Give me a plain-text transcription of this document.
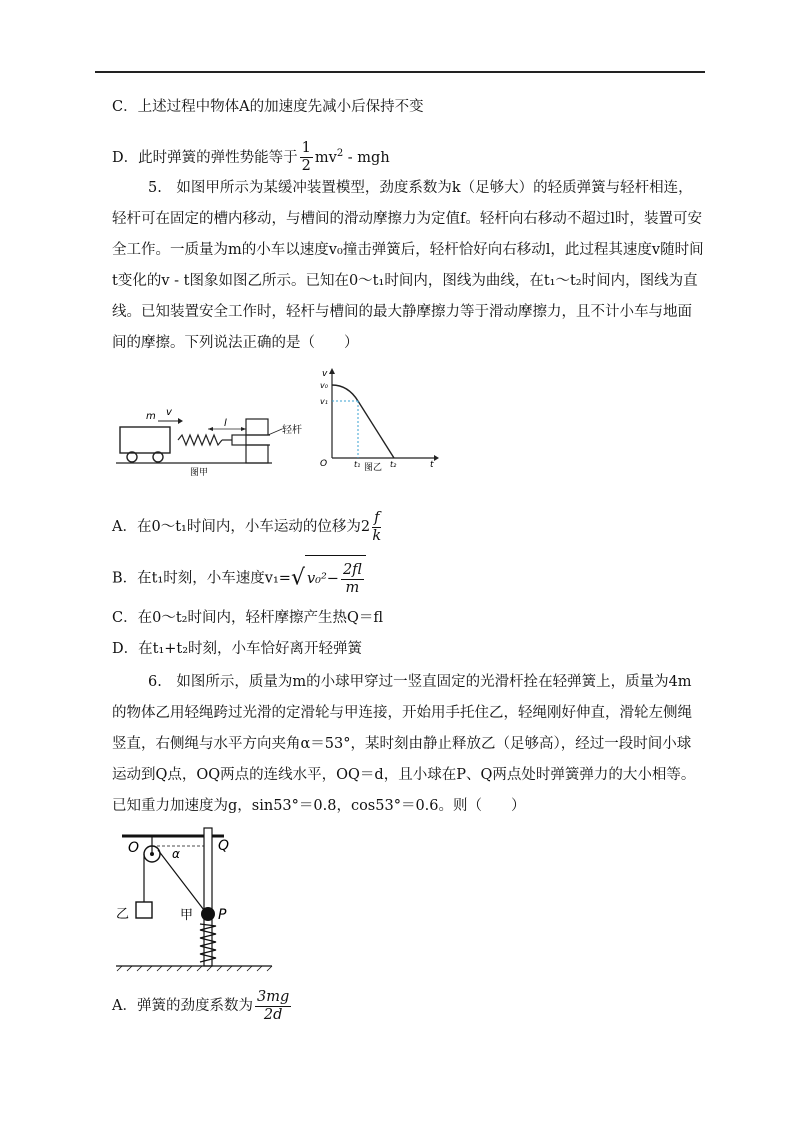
C．上述过程中物体A的加速度先减小后保持不变
D．此时弹簧的弹性势能等于 $\frac{1}{2} mv^2$ - mgh
5.　如图甲所示为某缓冲装置模型，劲度系数为k（足够大）的轻质弹簧与轻杆相连，轻杆可在固定的槽内移动，与槽间的滑动摩擦力为定值f。轻杆向右移动不超过l时，装置可安全工作。一质量为m的小车以速度v₀撞击弹簧后，轻杆恰好向右移动l，此过程其速度v随时间t变化的v - t图象如图乙所示。已知在0～t₁时间内，图线为曲线，在t₁～t₂时间内，图线为直线。已知装置安全工作时，轻杆与槽间的最大静摩擦力等于滑动摩擦力，且不计小车与地面间的摩擦。下列说法正确的是（　　）
m v
l
轻杆
图甲
v
v₀
v₁
O	t₁	t₂	t
图乙
A．在0～t₁时间内，小车运动的位移为$2 \frac{f}{k}$
B．在t₁时刻，小车速度v₁=√ $v_0^2- \frac{2fl}{m}$
C．在0～t₂时间内，轻杆摩擦产生热Q＝fl
D．在t₁+t₂时刻，小车恰好离开轻弹簧
6.　如图所示，质量为m的小球甲穿过一竖直固定的光滑杆拴在轻弹簧上，质量为4m的物体乙用轻绳跨过光滑的定滑轮与甲连接，开始用手托住乙，轻绳刚好伸直，滑轮左侧绳竖直，右侧绳与水平方向夹角α＝53°，某时刻由静止释放乙（足够高），经过一段时间小球运动到Q点，OQ两点的连线水平，OQ＝d，且小球在P、Q两点处时弹簧弹力的大小相等。已知重力加速度为g，sin53°＝0.8，cos53°＝0.6。则（　　）
O	Q
α
乙	甲 P
A．弹簧的劲度系数为 $\frac{3mg}{2d}$
